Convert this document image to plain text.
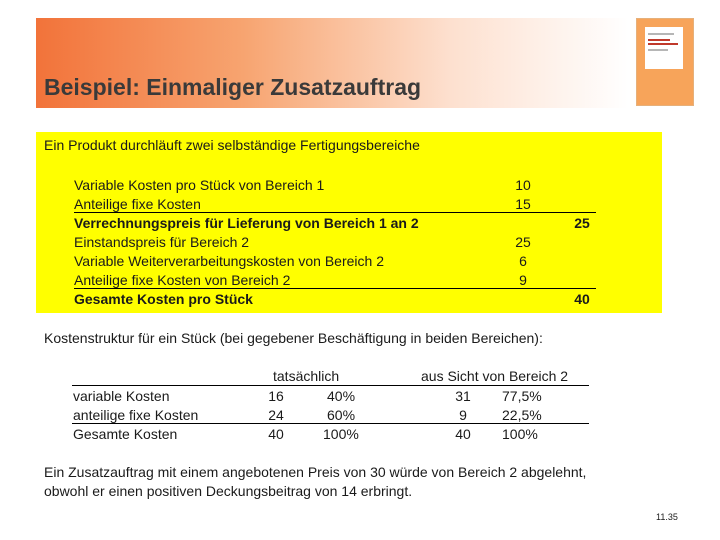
Beispiel: Einmaliger Zusatzauftrag
Ein Produkt durchläuft zwei selbständige Fertigungsbereiche
Variable Kosten pro Stück von Bereich 1	10
Anteilige fixe Kosten	15
Verrechnungspreis für Lieferung von Bereich 1 an 2	25
Einstandspreis für Bereich 2	25
Variable Weiterverarbeitungskosten von Bereich 2	6
Anteilige fixe Kosten von Bereich 2	9
Gesamte Kosten pro Stück	40
Kostenstruktur für ein Stück (bei gegebener Beschäftigung in beiden Bereichen):
tatsächlich	aus Sicht von Bereich 2
variable Kosten	16	40%	31	77,5%
anteilige fixe Kosten	24	60%	9	22,5%
Gesamte Kosten	40	100%	40	100%
Ein Zusatzauftrag mit einem angebotenen Preis von 30 würde von Bereich 2 abgelehnt, obwohl er einen positiven Deckungsbeitrag von 14 erbringt.
11.35
